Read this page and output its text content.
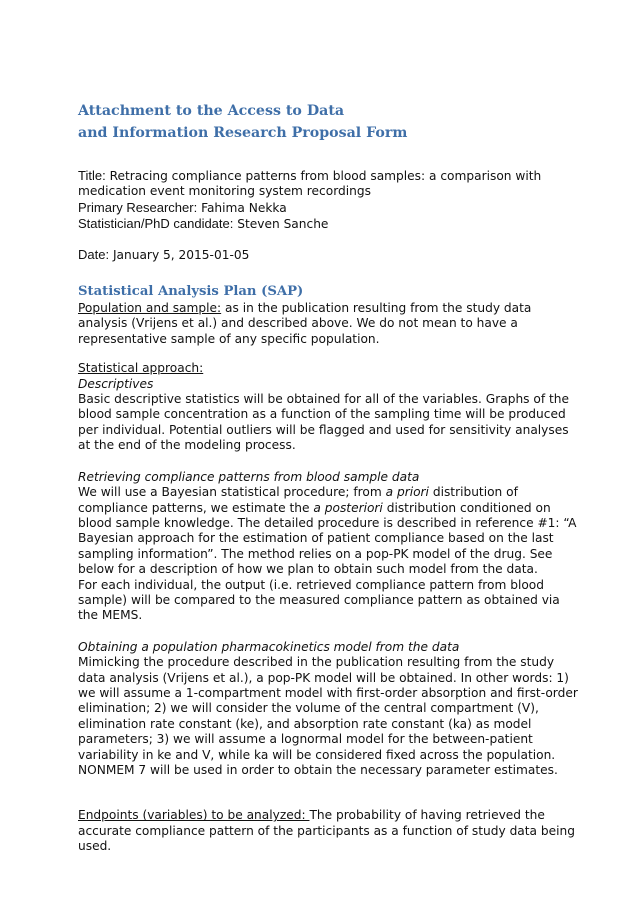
Attachment to the Access to Data

and Information Research Proposal Form

Title: Retracing compliance patterns from blood samples: a comparison with medication event monitoring system recordings

Primary Researcher: Fahima Nekka

Statistician/PhD candidate: Steven Sanche

Date: January 5, 2015-01-05

Statistical Analysis Plan (SAP)

Population and sample: as in the publication resulting from the study data analysis (Vrijens et al.) and described above. We do not mean to have a representative sample of any specific population.

Statistical approach:

Descriptives

Basic descriptive statistics will be obtained for all of the variables. Graphs of the blood sample concentration as a function of the sampling time will be produced per individual. Potential outliers will be flagged and used for sensitivity analyses at the end of the modeling process.

Retrieving compliance patterns from blood sample data

We will use a Bayesian statistical procedure; from a priori distribution of compliance patterns, we estimate the a posteriori distribution conditioned on blood sample knowledge. The detailed procedure is described in reference #1: “A Bayesian approach for the estimation of patient compliance based on the last sampling information”. The method relies on a pop-PK model of the drug. See below for a description of how we plan to obtain such model from the data.

For each individual, the output (i.e. retrieved compliance pattern from blood sample) will be compared to the measured compliance pattern as obtained via the MEMS.

Obtaining a population pharmacokinetics model from the data

Mimicking the procedure described in the publication resulting from the study data analysis (Vrijens et al.), a pop-PK model will be obtained. In other words: 1) we will assume a 1-compartment model with first-order absorption and first-order elimination; 2) we will consider the volume of the central compartment (V), elimination rate constant (ke), and absorption rate constant (ka) as model parameters; 3) we will assume a lognormal model for the between-patient variability in ke and V, while ka will be considered fixed across the population. NONMEM 7 will be used in order to obtain the necessary parameter estimates.

Endpoints (variables) to be analyzed: The probability of having retrieved the accurate compliance pattern of the participants as a function of study data being used.
